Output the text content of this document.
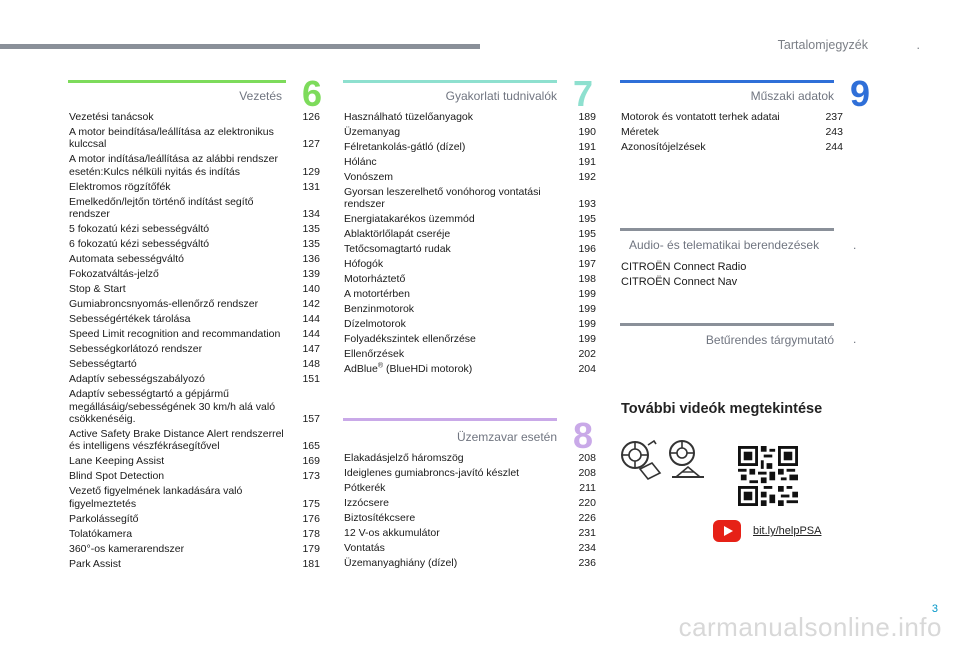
Tartalomjegyzék	.
Vezetés 6
Vezetési tanácsok	126
A motor beindítása/leállítása az elektronikus kulccsal	127
A motor indítása/leállítása az alábbi rendszer esetén:Kulcs nélküli nyitás és indítás	129
Elektromos rögzítőfék	131
Emelkedőn/lejtőn történő indítást segítő rendszer	134
5 fokozatú kézi sebességváltó	135
6 fokozatú kézi sebességváltó	135
Automata sebességváltó	136
Fokozatváltás-jelző	139
Stop & Start	140
Gumiabroncsnyomás-ellenőrző rendszer	142
Sebességértékek tárolása	144
Speed Limit recognition and recommandation	144
Sebességkorlátozó rendszer	147
Sebességtartó	148
Adaptív sebességszabályozó	151
Adaptív sebességtartó a gépjármű megállásáig/sebességének 30 km/h alá való csökkenéséig.	157
Active Safety Brake Distance Alert rendszerrel és intelligens vészfékrásegítővel	165
Lane Keeping Assist	169
Blind Spot Detection	173
Vezető figyelmének lankadására való figyelmeztetés	175
Parkolássegítő	176
Tolatókamera	178
360°-os kamerarendszer	179
Park Assist	181
Gyakorlati tudnivalók 7
Használható tüzelőanyagok	189
Üzemanyag	190
Félretankolás-gátló (dízel)	191
Hólánc	191
Vonószem	192
Gyorsan leszerelhető vonóhorog vontatási rendszer	193
Energiatakarékos üzemmód	195
Ablaktörlőlapát cseréje	195
Tetőcsomagtartó rudak	196
Hófogók	197
Motorháztető	198
A motortérben	199
Benzinmotorok	199
Dízelmotorok	199
Folyadékszintek ellenőrzése	199
Ellenőrzések	202
AdBlue® (BlueHDi motorok)	204
Üzemzavar esetén 8
Elakadásjelző háromszög	208
Ideiglenes gumiabroncs-javító készlet	208
Pótkerék	211
Izzócsere	220
Biztosítékcsere	226
12 V-os akkumulátor	231
Vontatás	234
Üzemanyaghiány (dízel)	236
Műszaki adatok 9
Motorok és vontatott terhek adatai	237
Méretek	243
Azonosítójelzések	244
Audio- és telematikai berendezések	.
CITROËN Connect Radio
CITROËN Connect Nav
Betűrendes tárgymutató .
További videók megtekintése
bit.ly/helpPSA
3
carmanualsonline.info
